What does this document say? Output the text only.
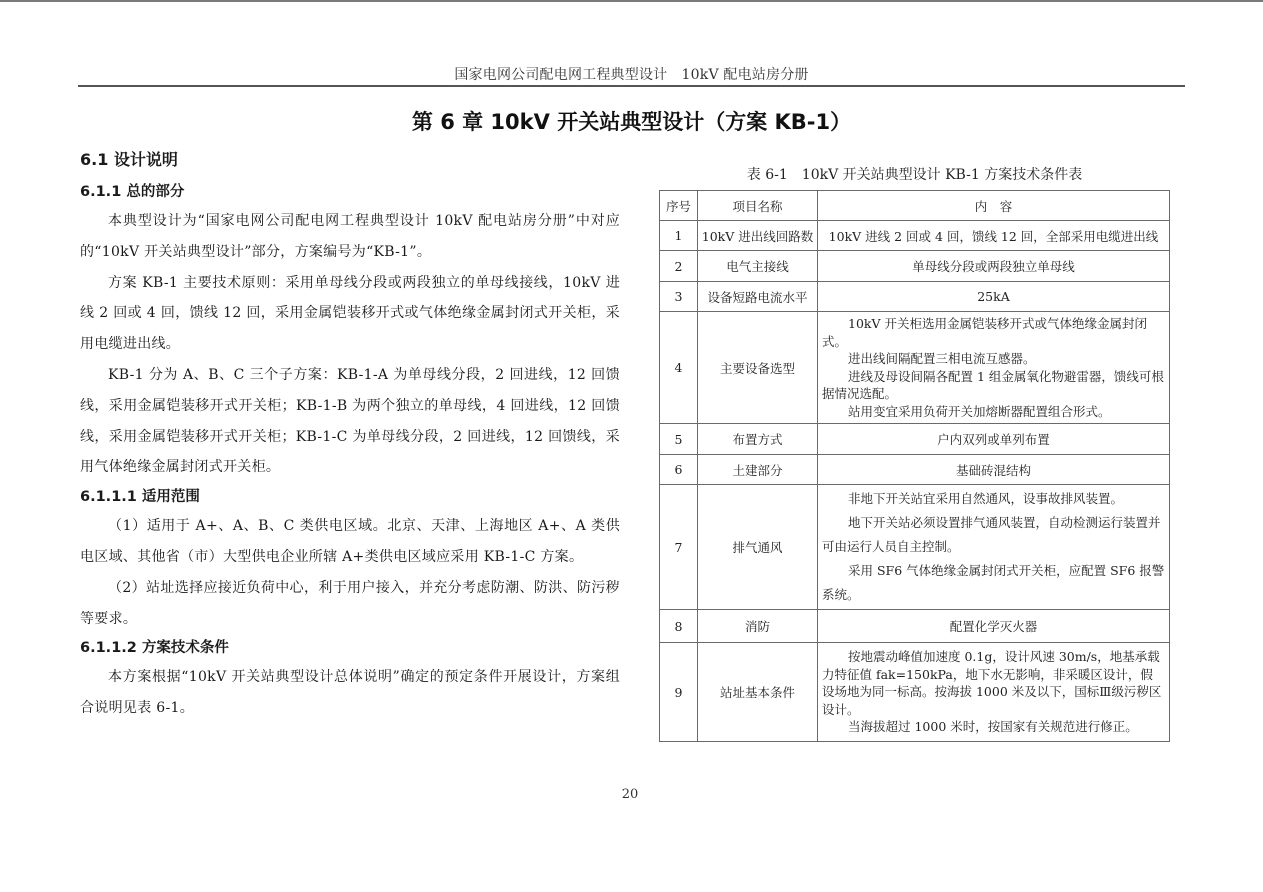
国家电网公司配电网工程典型设计　10kV 配电站房分册
第 6 章 10kV 开关站典型设计（方案 KB-1）
6.1 设计说明
6.1.1 总的部分

本典型设计为“国家电网公司配电网工程典型设计 10kV 配电站房分册”中对应的“10kV 开关站典型设计”部分，方案编号为“KB-1”。

方案 KB-1 主要技术原则：采用单母线分段或两段独立的单母线接线，10kV 进线 2 回或 4 回，馈线 12 回，采用金属铠装移开式或气体绝缘金属封闭式开关柜，采用电缆进出线。

KB-1 分为 A、B、C 三个子方案：KB-1-A 为单母线分段，2 回进线，12 回馈线，采用金属铠装移开式开关柜；KB-1-B 为两个独立的单母线，4 回进线，12 回馈线，采用金属铠装移开式开关柜；KB-1-C 为单母线分段，2 回进线，12 回馈线，采用气体绝缘金属封闭式开关柜。

6.1.1.1 适用范围

（1）适用于 A+、A、B、C 类供电区域。北京、天津、上海地区 A+、A 类供电区域、其他省（市）大型供电企业所辖 A+类供电区域应采用 KB-1-C 方案。

（2）站址选择应接近负荷中心，利于用户接入，并充分考虑防潮、防洪、防污秽等要求。

6.1.1.2 方案技术条件

本方案根据“10kV 开关站典型设计总体说明”确定的预定条件开展设计，方案组合说明见表 6-1。

表 6-1　10kV 开关站典型设计 KB-1 方案技术条件表
序号	项目名称	内　容
1	10kV 进出线回路数	10kV 进线 2 回或 4 回，馈线 12 回，全部采用电缆进出线
2	电气主接线	单母线分段或两段独立单母线
3	设备短路电流水平	25kA
4	主要设备选型	10kV 开关柜选用金属铠装移开式或气体绝缘金属封闭式。

进出线间隔配置三相电流互感器。

进线及母设间隔各配置 1 组金属氧化物避雷器，馈线可根据情况选配。

站用变宜采用负荷开关加熔断器配置组合形式。

5	布置方式	户内双列或单列布置
6	土建部分	基础砖混结构
7	排气通风	非地下开关站宜采用自然通风，设事故排风装置。

地下开关站必须设置排气通风装置，自动检测运行装置并可由运行人员自主控制。

采用 SF6 气体绝缘金属封闭式开关柜，应配置 SF6 报警系统。

8	消防	配置化学灭火器
9	站址基本条件	按地震动峰值加速度 0.1g，设计风速 30m/s，地基承载力特征值 fak=150kPa，地下水无影响，非采暖区设计，假设场地为同一标高。按海拔 1000 米及以下，国标Ⅲ级污秽区设计。

当海拔超过 1000 米时，按国家有关规范进行修正。

20
